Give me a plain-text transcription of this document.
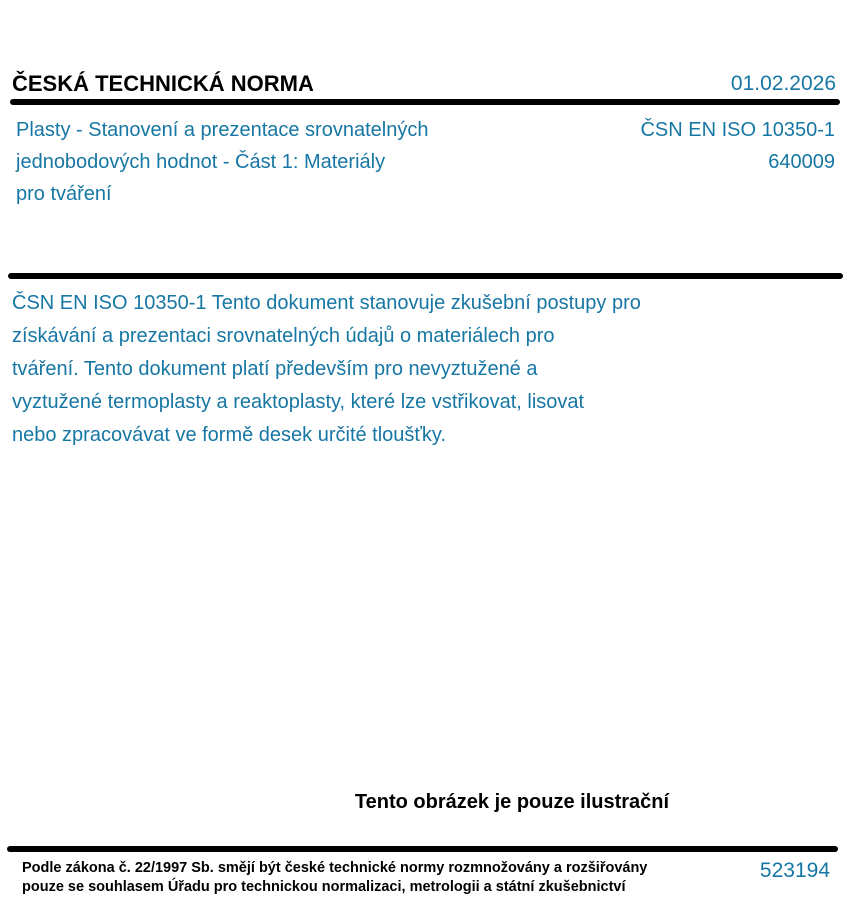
ČESKÁ TECHNICKÁ NORMA	01.02.2026
Plasty - Stanovení a prezentace srovnatelných
jednobodových hodnot - Část 1: Materiály
pro tváření
ČSN EN ISO 10350-1
640009
ČSN EN ISO 10350-1 Tento dokument stanovuje zkušební postupy pro
získávání a prezentaci srovnatelných údajů o materiálech pro
tváření. Tento dokument platí především pro nevyztužené a
vyztužené termoplasty a reaktoplasty, které lze vstřikovat, lisovat
nebo zpracovávat ve formě desek určité tloušťky.
Tento obrázek je pouze ilustrační
Podle zákona č. 22/1997 Sb. smějí být české technické normy rozmnožovány a rozšiřovány
pouze se souhlasem Úřadu pro technickou normalizaci, metrologii a státní zkušebnictví
523194
